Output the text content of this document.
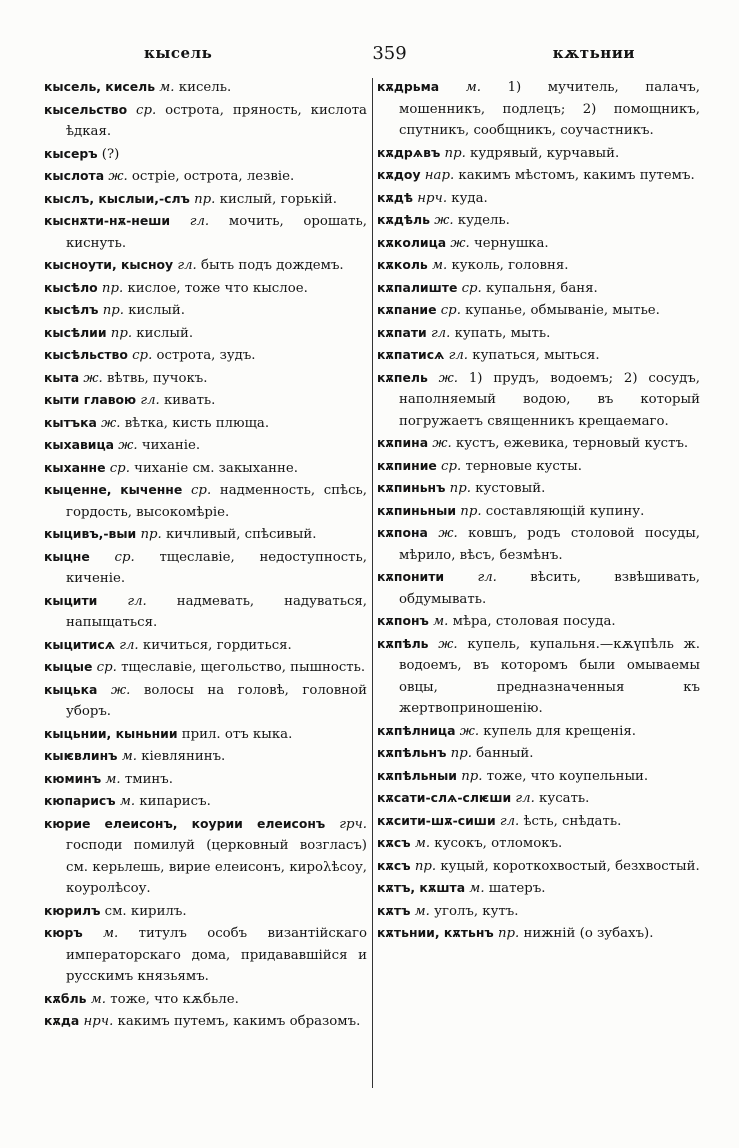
кысель	359	кѫтьнии

кысель, кисель м. кисель.

кысельство ср. острота, пряность, кислота ѣдкая.

кысеръ (?)

кыслота ж. остріе, острота, лезвіе.

кыслъ, кыслыи,-слъ пр. кислый, горькій.

кыснѫти-нѫ-неши гл. мочить, орошать, киснуть.

кысноути, кысноу гл. быть подъ дождемъ.

кысѣло пр. кислое, тоже что кыслое.

кысѣлъ пр. кислый.

кысѣлии пр. кислый.

кысѣльство ср. острота, зудъ.

кыта ж. вѣтвь, пучокъ.

кыти главою гл. кивать.

кытъка ж. вѣтка, кисть плюща.

кыхавица ж. чиханіе.

кыханне ср. чиханіе см. закыханне.

кыценне, кыченне ср. надменность, спѣсь, гордость, высокомѣріе.

кыцивъ,-выи пр. кичливый, спѣсивый.

кыцне ср. тщеславіе, недоступность, киченіе.

кыцити гл. надмевать, надуваться, напыщаться.

кыцитисѧ гл. кичиться, гордиться.

кыцые ср. тщеславіе, щегольство, пышность.

кыцька ж. волосы на головѣ, головной уборъ.

кыцьнии, кыньнии прил. отъ кыка.

кыѥвлинъ м. кіевлянинъ.

кюминъ м. тминъ.

кюпарисъ м. кипарисъ.

кюрие елеисонъ, коурии елеисонъ грч. господи помилуй (церковный возгласъ) см. керьлешь, вирие елеисонъ, кирολѣсоу, коуролѣсоу.

кюрилъ см. кирилъ.

кюръ м. титулъ особъ византійскаго императорскаго дома, придававшійся и русскимъ князьямъ.

кѫбль м. тоже, что кѫбьле.

кѫда нрч. какимъ путемъ, какимъ образомъ.

кѫдрьма м. 1) мучитель, палачъ, мошенникъ, подлецъ; 2) помощникъ, спутникъ, сообщникъ, соучастникъ.

кѫдрѧвъ пр. кудрявый, курчавый.

кѫдоу нар. какимъ мѣстомъ, какимъ путемъ.

кѫдѣ нрч. куда.

кѫдѣль ж. кудель.

кѫколица ж. чернушка.

кѫколь м. куколь, головня.

кѫпалиште ср. купальня, баня.

кѫпание ср. купанье, обмываніе, мытье.

кѫпати гл. купать, мыть.

кѫпатисѧ гл. купаться, мыться.

кѫпель ж. 1) прудъ, водоемъ; 2) сосудъ, наполняемый водою, въ который погружаетъ священникъ крещаемаго.

кѫпина ж. кустъ, ежевика, терновый кустъ.

кѫпиние ср. терновые кусты.

кѫпиньнъ пр. кустовый.

кѫпиньныи пр. составляющій купину.

кѫпона ж. ковшъ, родъ столовой посуды, мѣрило, вѣсъ, безмѣнъ.

кѫпонити	гл. вѣсить, взвѣшивать, обдумывать.

кѫпонъ м. мѣра, столовая посуда.

кѫпѣль ж. купель, купальня.—кѫүпѣль ж. водоемъ, въ которомъ были омываемы овцы, предназначенныя къ жертвоприношенію.

кѫпѣлница ж. купель для крещенія.

кѫпѣльнъ пр. банный.

кѫпѣльныи пр. тоже, что коупельныи.

кѫсати-слѧ-слѥши гл. кусать.

кѫсити-шѫ-сиши гл. ѣсть, снѣдать.

кѫсъ м. кусокъ, отломокъ.

кѫсъ пр. куцый, короткохвостый, безхвостый.

кѫтъ, кѫшта м. шатеръ.

кѫтъ м. уголъ, кутъ.

кѫтьнии, кѫтьнъ пр. нижній (о зубахъ).
